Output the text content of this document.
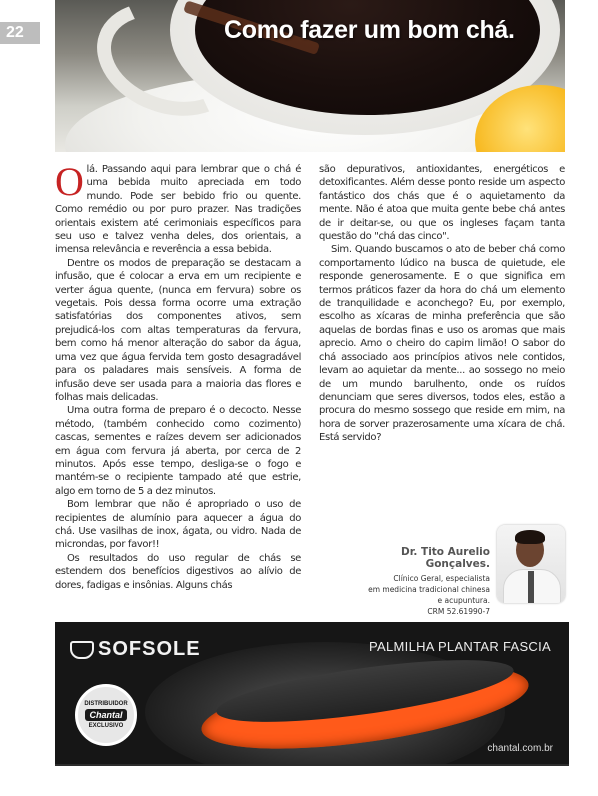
22	Como fazer um bom chá.

Olá. Passando aqui para lembrar que o chá é uma bebida muito apreciada em todo mundo. Pode ser bebido frio ou quente. Como remédio ou por puro prazer. Nas tradições orientais existem até cerimoniais específicos para seu uso e talvez venha deles, dos orientais, a imensa relevância e reverência a essa bebida.

Dentre os modos de preparação se destacam a infusão, que é colocar a erva em um recipiente e verter água quente, (nunca em fervura) sobre os vegetais. Pois dessa forma ocorre uma extração satisfatórias dos componentes ativos, sem prejudicá-los com altas temperaturas da fervura, bem como há menor alteração do sabor da água, uma vez que água fervida tem gosto desagradável para os paladares mais sensíveis. A forma de infusão deve ser usada para a maioria das flores e folhas mais delicadas.

Uma outra forma de preparo é o decocto. Nesse método, (também conhecido como cozimento) cascas, sementes e raízes devem ser adicionados em água com fervura já aberta, por cerca de 2 minutos. Após esse tempo, desliga-se o fogo e mantém-se o recipiente tampado até que estrie, algo em torno de 5 a dez minutos.

Bom lembrar que não é apropriado o uso de recipientes de alumínio para aquecer a água do chá. Use vasilhas de inox, ágata, ou vidro. Nada de microndas, por favor!!

Os resultados do uso regular de chás se estendem dos benefícios digestivos ao alívio de dores, fadigas e insônias. Alguns chás

são depurativos, antioxidantes, energéticos e detoxificantes. Além desse ponto reside um aspecto fantástico dos chás que é o aquietamento da mente. Não é atoa que muita gente bebe chá antes de ir deitar-se, ou que os ingleses façam tanta questão do "chá das cinco".

Sim. Quando buscamos o ato de beber chá como comportamento lúdico na busca de quietude, ele responde generosamente. E o que significa em termos práticos fazer da hora do chá um elemento de tranquilidade e aconchego? Eu, por exemplo, escolho as xícaras de minha preferência que são aquelas de bordas finas e uso os aromas que mais aprecio. Amo o cheiro do capim limão! O sabor do chá associado aos princípios ativos nele contidos, levam ao aquietar da mente... ao sossego no meio de um mundo barulhento, onde os ruídos denunciam que seres diversos, todos eles, estão a procura do mesmo sossego que reside em mim, na hora de sorver prazerosamente uma xícara de chá. Está servido?

Dr. Tito Aurelio Gonçalves.
Clínico Geral, especialista
em medicina tradicional chinesa
e acupuntura.
CRM 52.61990-7
SOFSOLE	PALMILHA PLANTAR FASCIA
DISTRIBUIDOR
Chantal
EXCLUSIVO
chantal.com.br
